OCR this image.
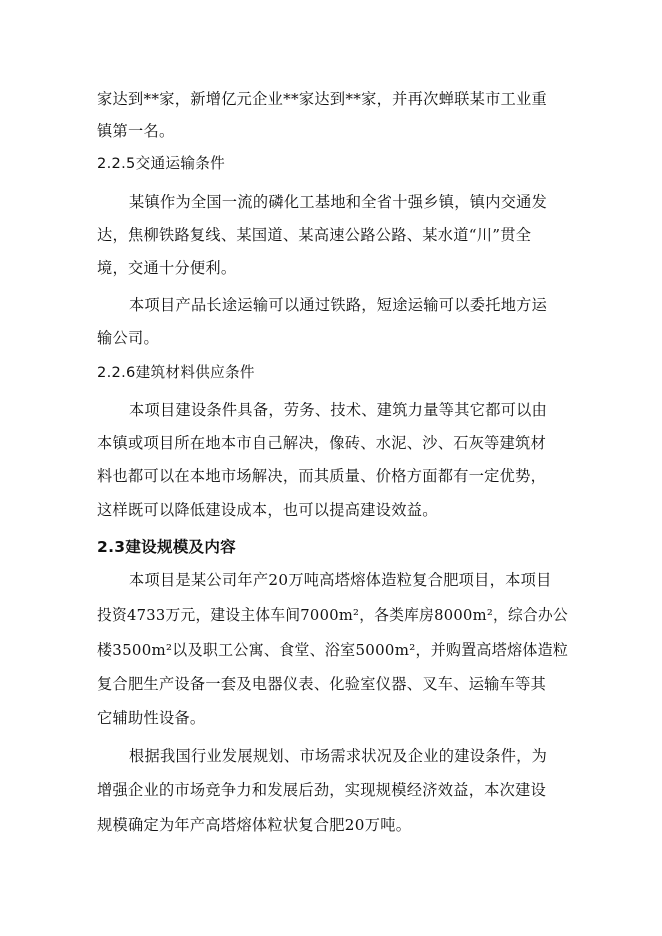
家达到**家，新增亿元企业**家达到**家，并再次蝉联某市工业重
镇第一名。
2.2.5交通运输条件
某镇作为全国一流的磷化工基地和全省十强乡镇，镇内交通发
达，焦柳铁路复线、某国道、某高速公路公路、某水道“川”贯全
境，交通十分便利。
本项目产品长途运输可以通过铁路，短途运输可以委托地方运
输公司。
2.2.6建筑材料供应条件
本项目建设条件具备，劳务、技术、建筑力量等其它都可以由
本镇或项目所在地本市自己解决，像砖、水泥、沙、石灰等建筑材
料也都可以在本地市场解决，而其质量、价格方面都有一定优势，
这样既可以降低建设成本，也可以提高建设效益。
2.3建设规模及内容
本项目是某公司年产20万吨高塔熔体造粒复合肥项目，本项目
投资4733万元，建设主体车间7000m²，各类库房8000m²，综合办公
楼3500m²以及职工公寓、食堂、浴室5000m²，并购置高塔熔体造粒
复合肥生产设备一套及电器仪表、化验室仪器、叉车、运输车等其
它辅助性设备。
根据我国行业发展规划、市场需求状况及企业的建设条件，为
增强企业的市场竞争力和发展后劲，实现规模经济效益，本次建设
规模确定为年产高塔熔体粒状复合肥20万吨。
